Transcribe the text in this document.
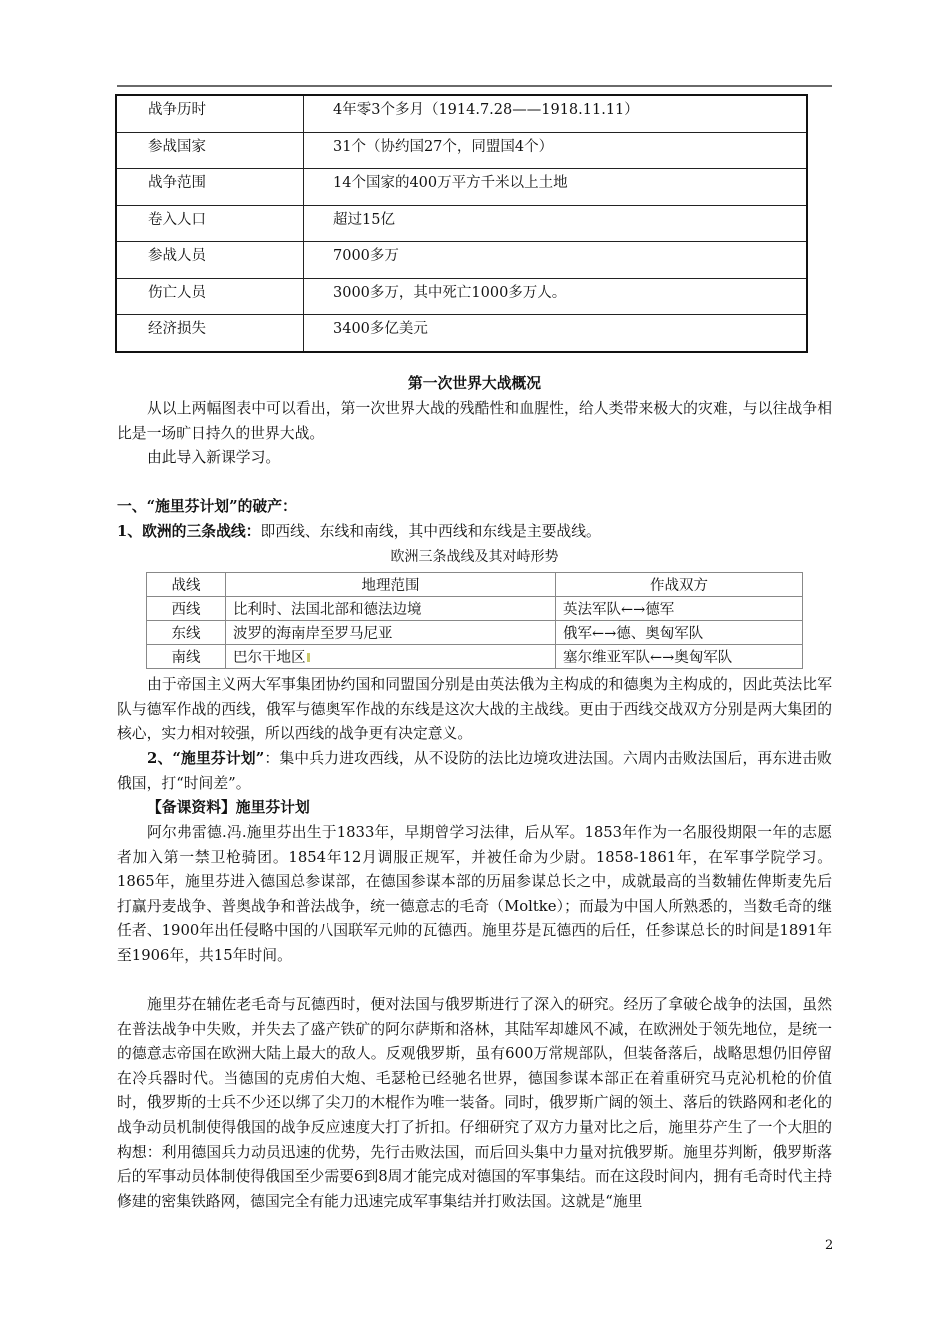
战争历时	4年零3个多月（1914.7.28——1918.11.11）
参战国家	31个（协约国27个，同盟国4个）
战争范围	14个国家的400万平方千米以上土地
卷入人口	超过15亿
参战人员	7000多万
伤亡人员	3000多万，其中死亡1000多万人。
经济损失	3400多亿美元
第一次世界大战概况
从以上两幅图表中可以看出，第一次世界大战的残酷性和血腥性，给人类带来极大的灾难，与以往战争相比是一场旷日持久的世界大战。
由此导入新课学习。
一、“施里芬计划”的破产：
1、欧洲的三条战线：即西线、东线和南线，其中西线和东线是主要战线。
欧洲三条战线及其对峙形势
战线	地理范围	作战双方
西线	比利时、法国北部和德法边境	英法军队←→德军
东线	波罗的海南岸至罗马尼亚	俄军←→德、奥匈军队
南线	巴尔干地区	塞尔维亚军队←→奥匈军队
由于帝国主义两大军事集团协约国和同盟国分别是由英法俄为主构成的和德奥为主构成的，因此英法比军队与德军作战的西线，俄军与德奥军作战的东线是这次大战的主战线。更由于西线交战双方分别是两大集团的核心，实力相对较强，所以西线的战争更有决定意义。
2、“施里芬计划”：集中兵力进攻西线，从不设防的法比边境攻进法国。六周内击败法国后，再东进击败俄国，打“时间差”。
【备课资料】施里芬计划
阿尔弗雷德.冯.施里芬出生于1833年，早期曾学习法律，后从军。1853年作为一名服役期限一年的志愿者加入第一禁卫枪骑团。1854年12月调服正规军，并被任命为少尉。1858-1861年，在军事学院学习。1865年，施里芬进入德国总参谋部，在德国参谋本部的历届参谋总长之中，成就最高的当数辅佐俾斯麦先后打赢丹麦战争、普奥战争和普法战争，统一德意志的毛奇（Moltke）；而最为中国人所熟悉的，当数毛奇的继任者、1900年出任侵略中国的八国联军元帅的瓦德西。施里芬是瓦德西的后任，任参谋总长的时间是1891年至1906年，共15年时间。
施里芬在辅佐老毛奇与瓦德西时，便对法国与俄罗斯进行了深入的研究。经历了拿破仑战争的法国，虽然在普法战争中失败，并失去了盛产铁矿的阿尔萨斯和洛林，其陆军却雄风不减，在欧洲处于领先地位，是统一的德意志帝国在欧洲大陆上最大的敌人。反观俄罗斯，虽有600万常规部队，但装备落后，战略思想仍旧停留在冷兵器时代。当德国的克虏伯大炮、毛瑟枪已经驰名世界，德国参谋本部正在着重研究马克沁机枪的价值时，俄罗斯的士兵不少还以绑了尖刀的木棍作为唯一装备。同时，俄罗斯广阔的领土、落后的铁路网和老化的战争动员机制使得俄国的战争反应速度大打了折扣。仔细研究了双方力量对比之后，施里芬产生了一个大胆的构想：利用德国兵力动员迅速的优势，先行击败法国，而后回头集中力量对抗俄罗斯。施里芬判断，俄罗斯落后的军事动员体制使得俄国至少需要6到8周才能完成对德国的军事集结。而在这段时间内，拥有毛奇时代主持修建的密集铁路网，德国完全有能力迅速完成军事集结并打败法国。这就是“施里
2
